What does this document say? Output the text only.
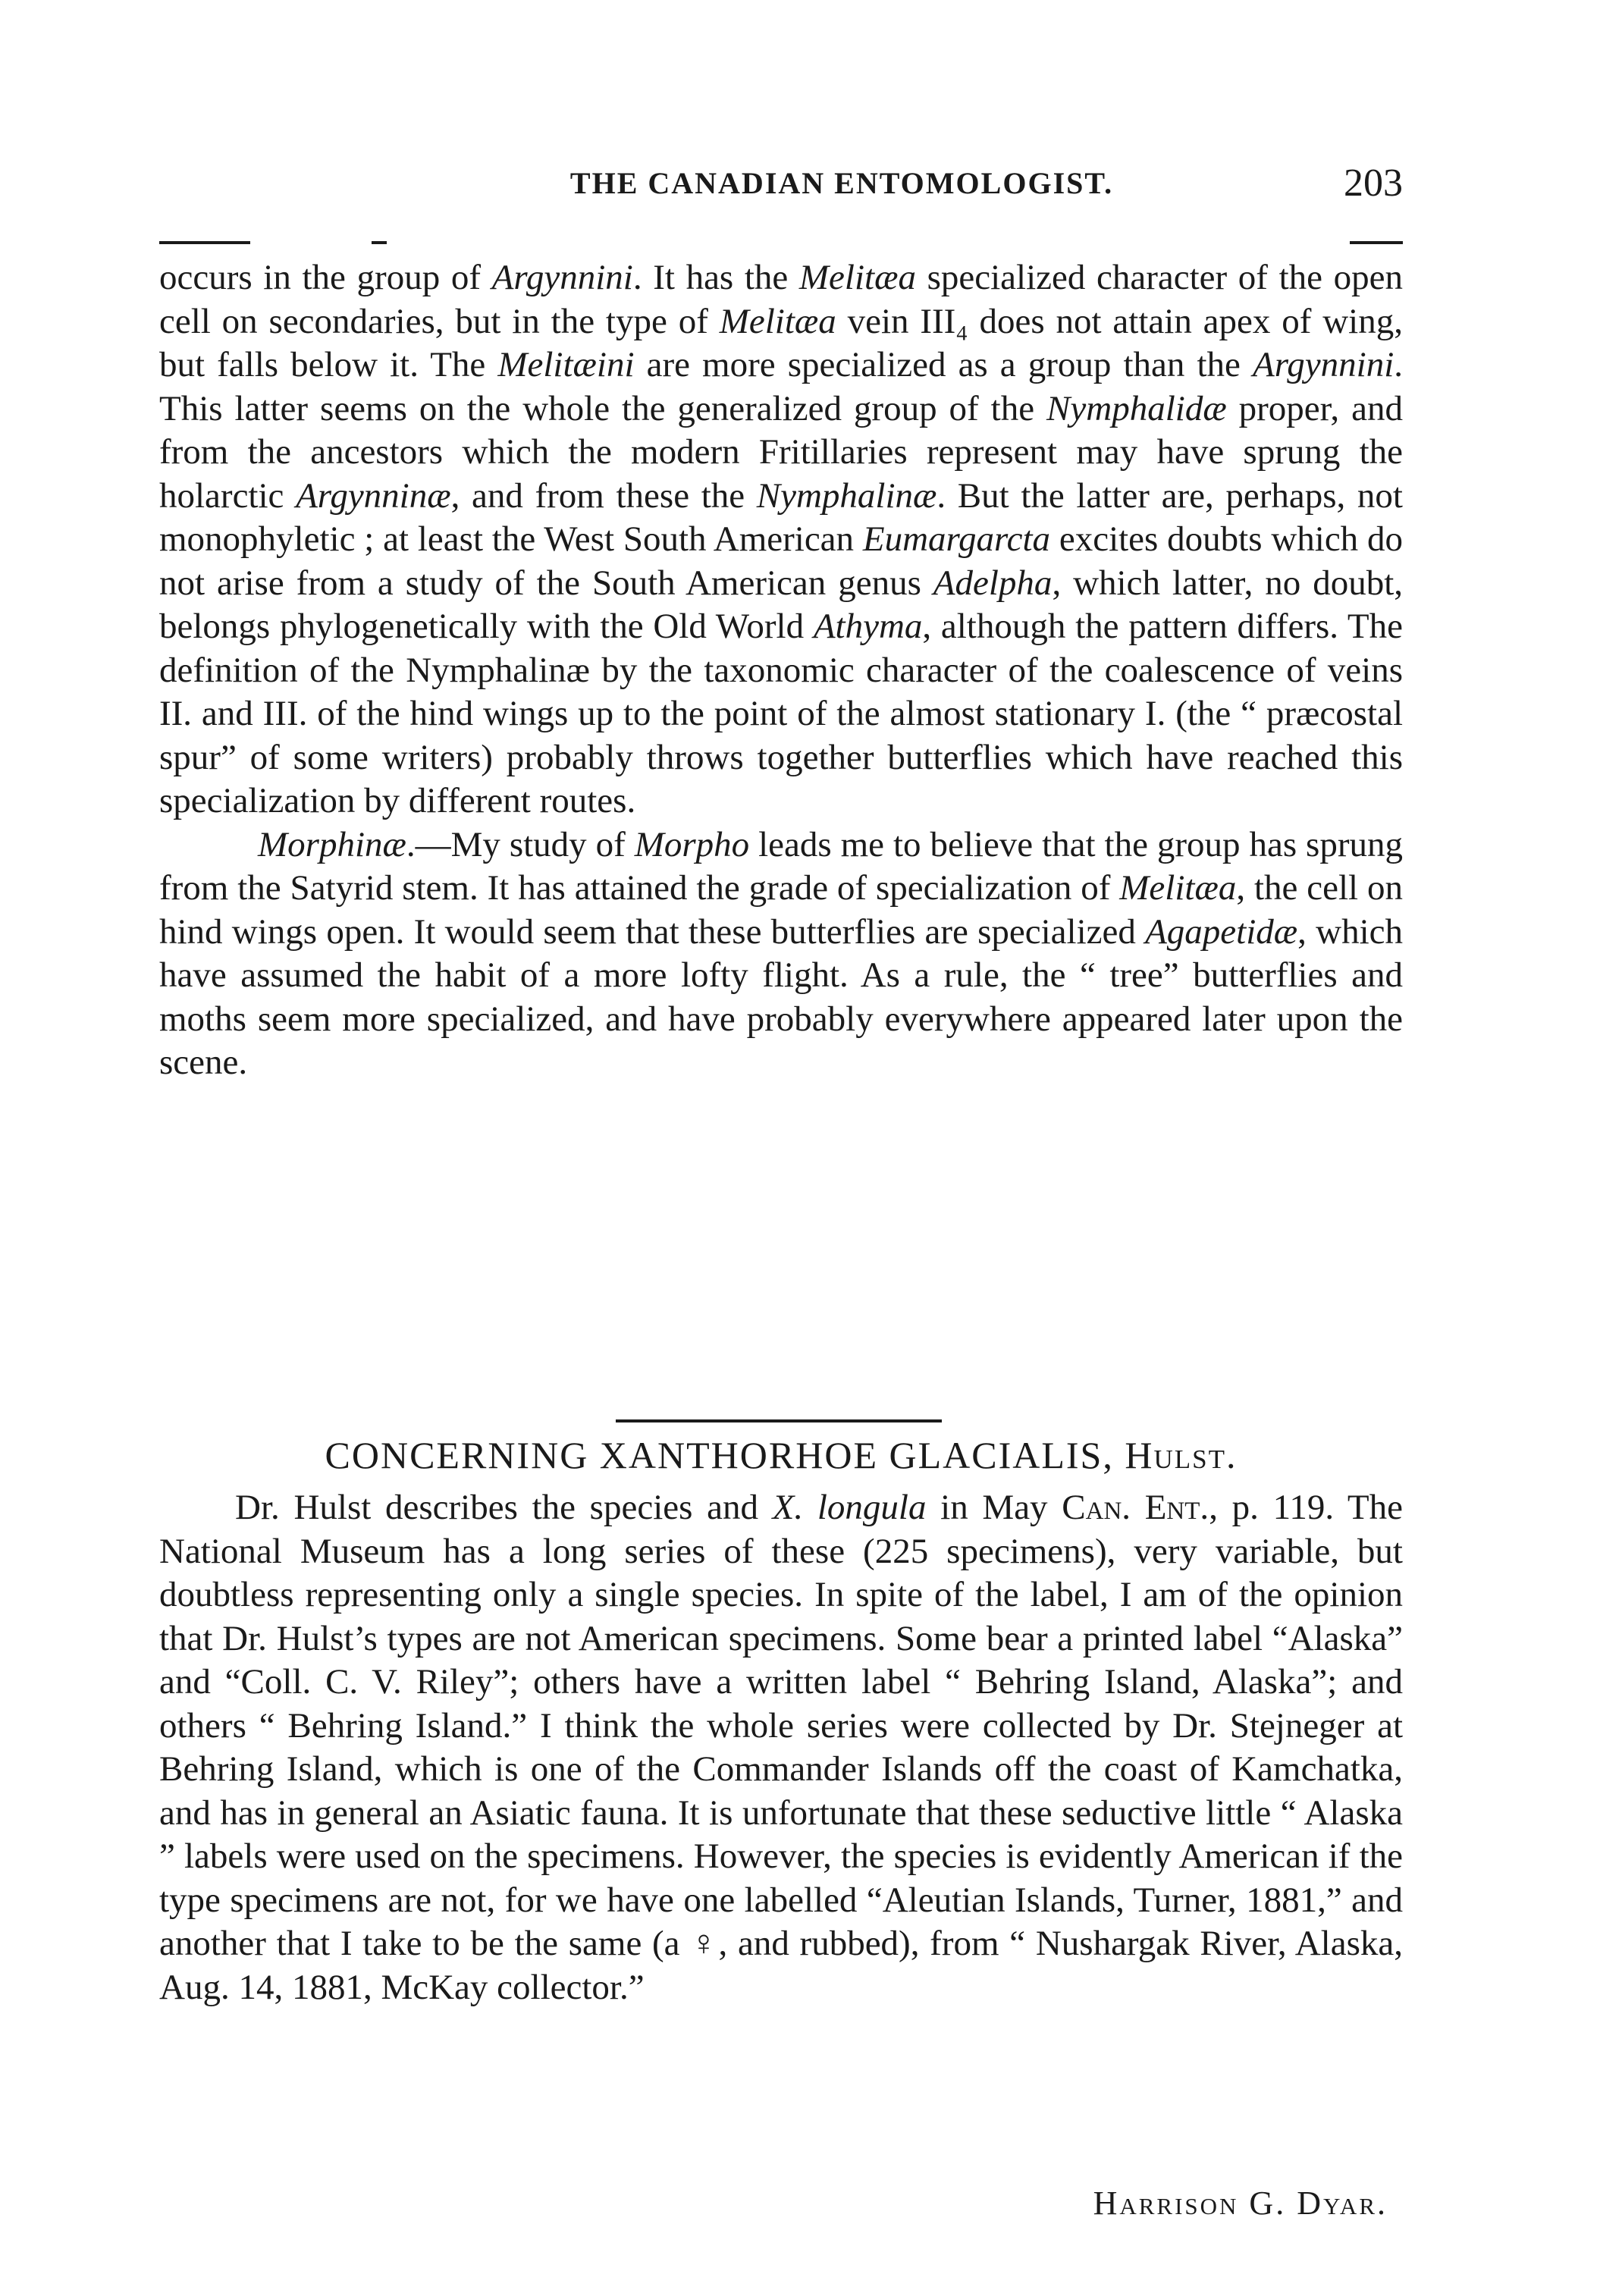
THE CANADIAN ENTOMOLOGIST.	203

occurs in the group of Argynnini. It has the Melitæa specialized character of the open cell on secondaries, but in the type of Melitæa vein III₄ does not attain apex of wing, but falls below it. The Melitæini are more specialized as a group than the Argynnini. This latter seems on the whole the generalized group of the Nymphalidæ proper, and from the ancestors which the modern Fritillaries represent may have sprung the holarctic Argynninæ, and from these the Nymphalinæ. But the latter are, perhaps, not monophyletic ; at least the West South American Eumargarcta excites doubts which do not arise from a study of the South American genus Adelpha, which latter, no doubt, belongs phylogenetically with the Old World Athyma, although the pattern differs. The definition of the Nymphalinæ by the taxonomic character of the coalescence of veins II. and III. of the hind wings up to the point of the almost stationary I. (the “ præcostal spur” of some writers) probably throws together butterflies which have reached this specialization by different routes.

Morphinæ.—My study of Morpho leads me to believe that the group has sprung from the Satyrid stem. It has attained the grade of specialization of Melitæa, the cell on hind wings open. It would seem that these butterflies are specialized Agapetidæ, which have assumed the habit of a more lofty flight. As a rule, the “ tree” butterflies and moths seem more specialized, and have probably everywhere appeared later upon the scene.

CONCERNING XANTHORHOE GLACIALIS, Hulst.

Dr. Hulst describes the species and X. longula in May Can. Ent., p. 119. The National Museum has a long series of these (225 specimens), very variable, but doubtless representing only a single species. In spite of the label, I am of the opinion that Dr. Hulst’s types are not American specimens. Some bear a printed label “Alaska” and “Coll. C. V. Riley”; others have a written label “ Behring Island, Alaska”; and others “ Behring Island.” I think the whole series were collected by Dr. Stejneger at Behring Island, which is one of the Commander Islands off the coast of Kamchatka, and has in general an Asiatic fauna. It is unfortunate that these seductive little “ Alaska ” labels were used on the specimens. However, the species is evidently American if the type specimens are not, for we have one labelled “Aleutian Islands, Turner, 1881,” and another that I take to be the same (a ♀, and rubbed), from “ Nushargak River, Alaska, Aug. 14, 1881, McKay collector.”

Harrison G. Dyar.
